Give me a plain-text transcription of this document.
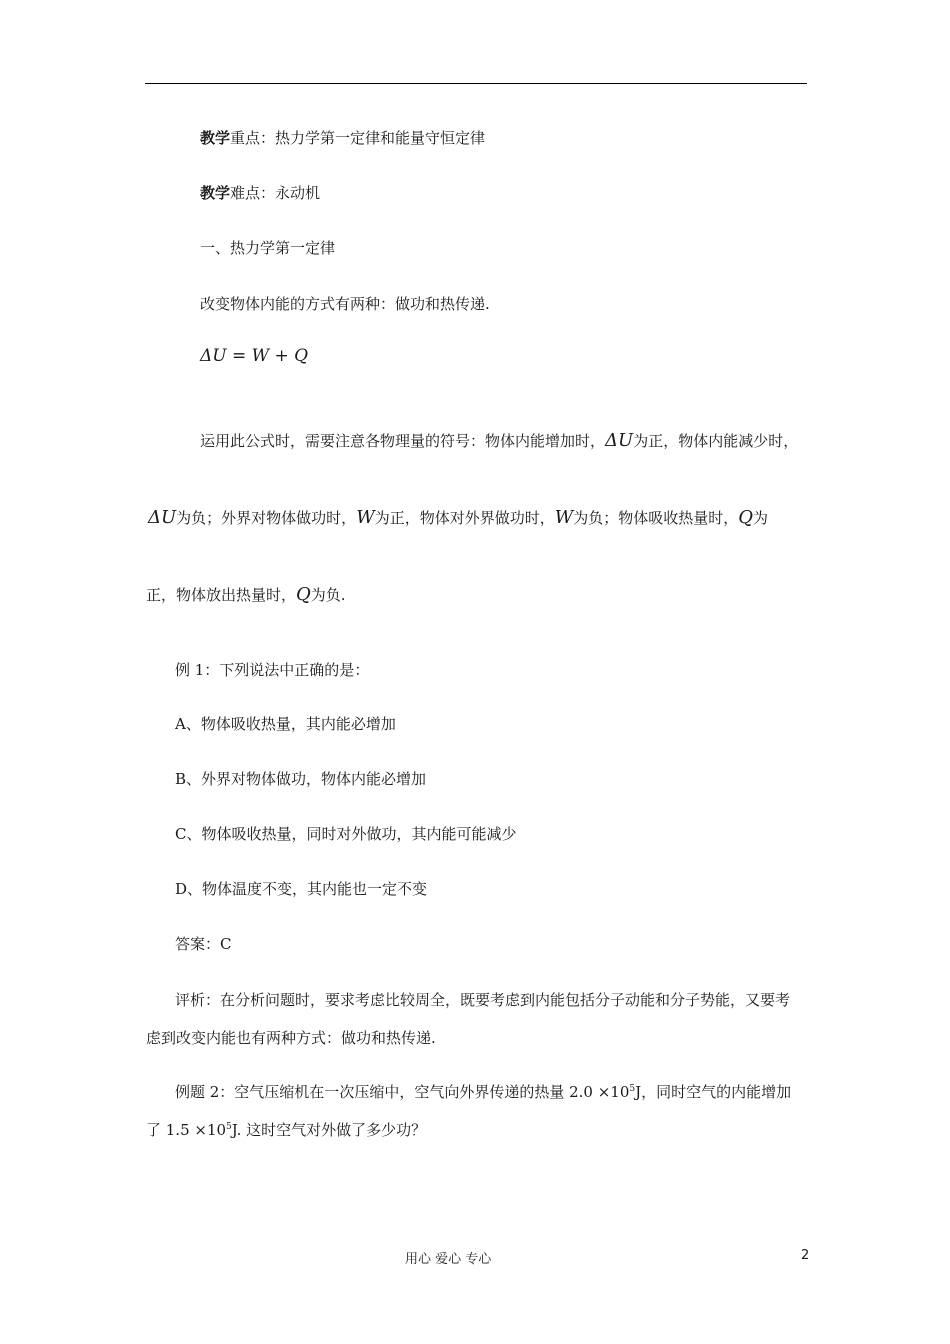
教学重点：热力学第一定律和能量守恒定律
教学难点：永动机
一、热力学第一定律
改变物体内能的方式有两种：做功和热传递.
ΔU = W + Q
运用此公式时，需要注意各物理量的符号：物体内能增加时，ΔU为正，物体内能减少时，
ΔU为负；外界对物体做功时，W为正，物体对外界做功时，W为负；物体吸收热量时，Q为
正，物体放出热量时，Q为负.
例 1：下列说法中正确的是：
A、物体吸收热量，其内能必增加
B、外界对物体做功，物体内能必增加
C、物体吸收热量，同时对外做功，其内能可能减少
D、物体温度不变，其内能也一定不变
答案：C
评析：在分析问题时，要求考虑比较周全，既要考虑到内能包括分子动能和分子势能，又要考
虑到改变内能也有两种方式：做功和热传递.
例题 2：空气压缩机在一次压缩中，空气向外界传递的热量 $2.0 \times 10^5J$，同时空气的内能增加
了 $1.5 \times 10^5J$. 这时空气对外做了多少功？
用心 爱心 专心	2
